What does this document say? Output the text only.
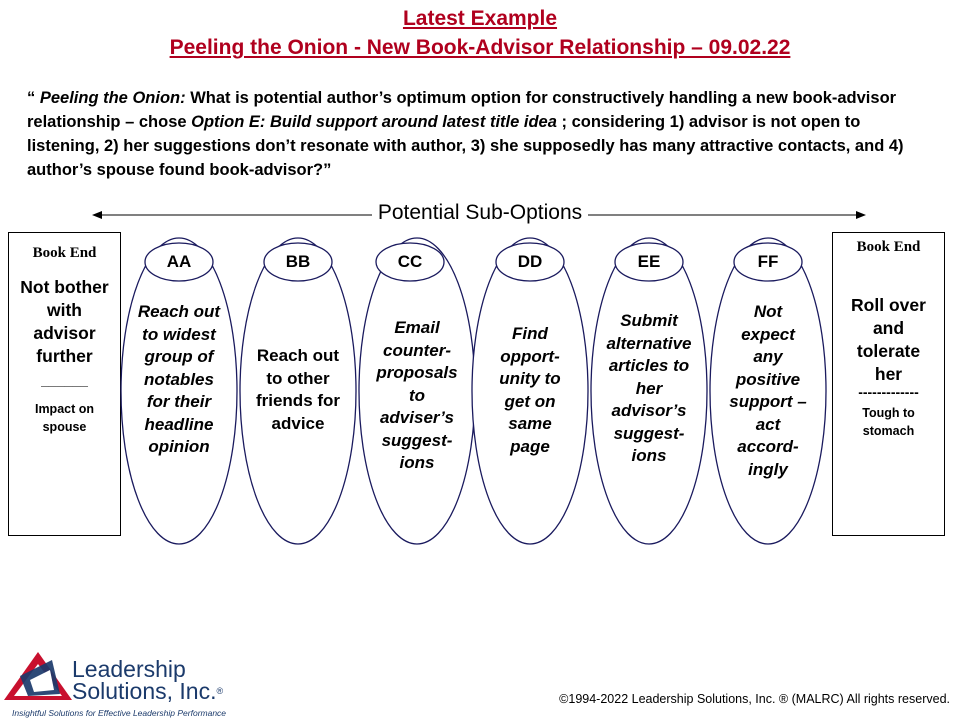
Latest Example
Peeling the Onion - New Book-Advisor Relationship – 09.02.22
“ Peeling the Onion: What is potential author’s optimum option for constructively handling a new book-advisor relationship – chose Option E: Build support around latest title idea ; considering 1) advisor is not open to listening, 2) her suggestions don’t resonate with author, 3) she supposedly has many attractive contacts, and 4) author’s spouse found book-advisor?”
Potential Sub-Options
Book End
Not bother
with
advisor
further
______
Impact on
spouse
Book End
Roll over
and
tolerate
her
-------------
Tough to
stomach
AA	BB	CC	DD	EE	FF
Reach out
to widest
group of
notables
for their
headline
opinion
Reach out
to other
friends for
advice
Email
counter-
proposals
to
adviser’s
suggest-
ions
Find
opport-
unity to
get on
same
page
Submit
alternative
articles to
her
advisor’s
suggest-
ions
Not
expect
any
positive
support –
act
accord-
ingly
Leadership
Solutions, Inc.®
Insightful Solutions for Effective Leadership Performance
©1994-2022 Leadership Solutions, Inc. ® (MALRC) All rights reserved.
